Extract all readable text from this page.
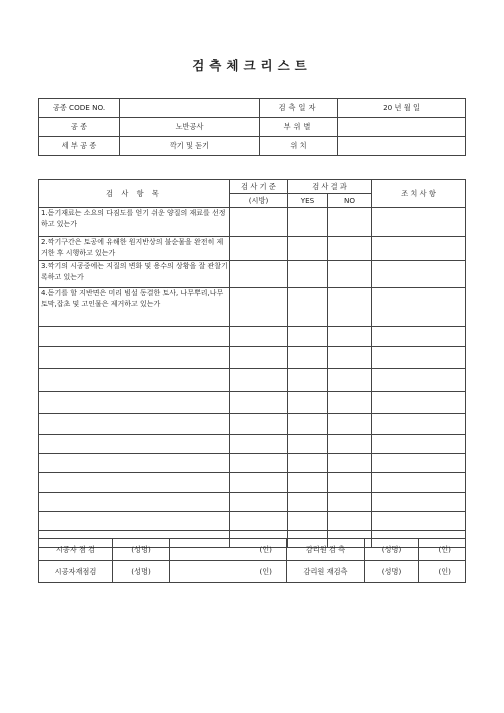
검측체크리스트
공종 CODE NO.		검측일자	20 년 월 일
공 종	노반공사	부위별	
세 부 공 종	깍기 및 돋기	위 치	
검 사 항 목	검 사 기 준	검 사 결 과		조 치 사 항
	(시방)	YES	NO	
1.돋기재료는 소요의 다짐도를 얻기 쉬운 양질의 재료를 선정하고 있는가				
2.깍기구간은 토공에 유해한 원지반상의 불순물을 완전히 제거한 후 시행하고 있는가				
3.깍기의 시공중에는 지질의 변화 및 용수의 상황을 잘 관찰기록하고 있는가				
4.돋기를 할 지반면은 미리 빔설 동결한 토사, 나무뿌리,나무토막,잡초 및 고인물은 제거하고 있는가				

시공자 점 검	(성명)	(인)	감리원 검 측	(성명)	(인)
시공자재점검	(성명)	(인)	감리원 재검측	(성명)	(인)
